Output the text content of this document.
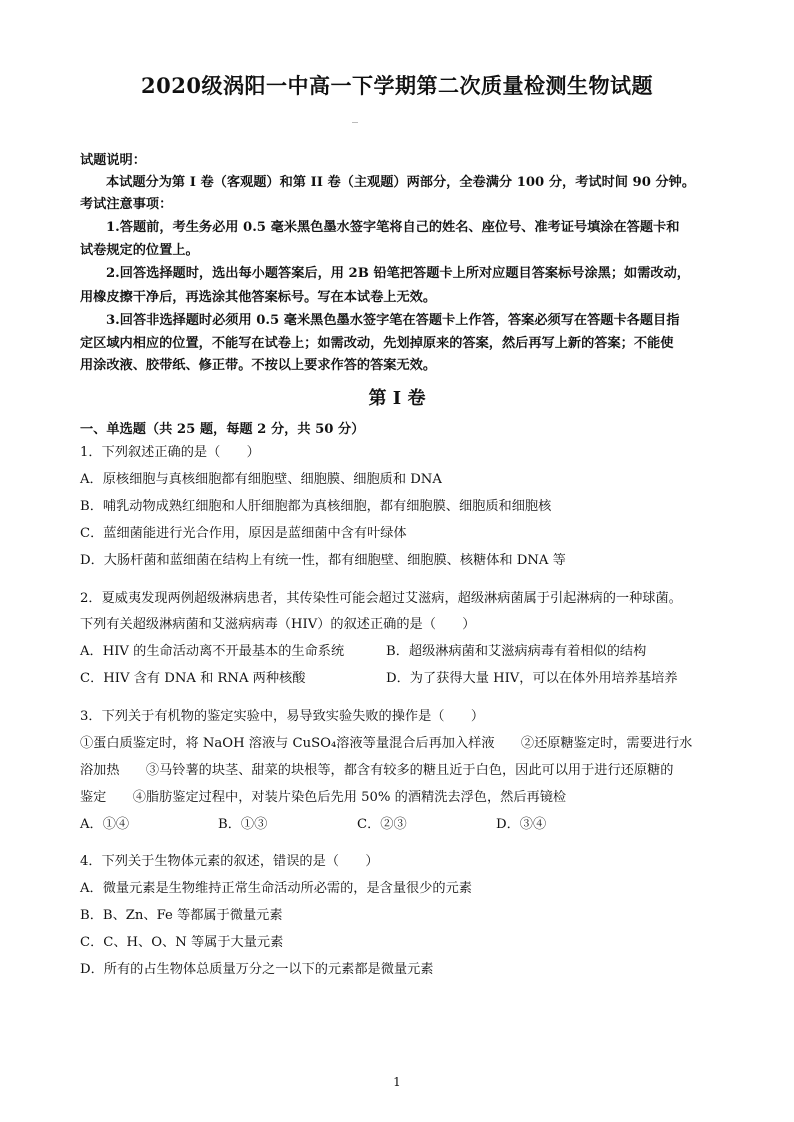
2020级涡阳一中高一下学期第二次质量检测生物试题
试题说明：
本试题分为第 I 卷（客观题）和第 II 卷（主观题）两部分，全卷满分 100 分，考试时间 90 分钟。
考试注意事项：
1.答题前，考生务必用 0.5 毫米黑色墨水签字笔将自己的姓名、座位号、准考证号填涂在答题卡和
试卷规定的位置上。
2.回答选择题时，选出每小题答案后，用 2B 铅笔把答题卡上所对应题目答案标号涂黑；如需改动，
用橡皮擦干净后，再选涂其他答案标号。写在本试卷上无效。
3.回答非选择题时必须用 0.5 毫米黑色墨水签字笔在答题卡上作答，答案必须写在答题卡各题目指
定区域内相应的位置，不能写在试卷上；如需改动，先划掉原来的答案，然后再写上新的答案；不能使
用涂改液、胶带纸、修正带。不按以上要求作答的答案无效。
第 I 卷
一、单选题（共 25 题，每题 2 分，共 50 分）
1．下列叙述正确的是（　　）
A．原核细胞与真核细胞都有细胞壁、细胞膜、细胞质和 DNA
B．哺乳动物成熟红细胞和人肝细胞都为真核细胞，都有细胞膜、细胞质和细胞核
C．蓝细菌能进行光合作用，原因是蓝细菌中含有叶绿体
D．大肠杆菌和蓝细菌在结构上有统一性，都有细胞壁、细胞膜、核糖体和 DNA 等
2．夏威夷发现两例超级淋病患者，其传染性可能会超过艾滋病，超级淋病菌属于引起淋病的一种球菌。
下列有关超级淋病菌和艾滋病病毒（HIV）的叙述正确的是（　　）
A．HIV 的生命活动离不开最基本的生命系统	B．超级淋病菌和艾滋病病毒有着相似的结构
C．HIV 含有 DNA 和 RNA 两种核酸	D．为了获得大量 HIV，可以在体外用培养基培养
3．下列关于有机物的鉴定实验中，易导致实验失败的操作是（　　）
①蛋白质鉴定时，将 NaOH 溶液与 CuSO₄溶液等量混合后再加入样液　　②还原糖鉴定时，需要进行水
浴加热　　③马铃薯的块茎、甜菜的块根等，都含有较多的糖且近于白色，因此可以用于进行还原糖的
鉴定　　④脂肪鉴定过程中，对装片染色后先用 50% 的酒精洗去浮色，然后再镜检
A．①④	B．①③	C．②③	D．③④
4．下列关于生物体元素的叙述，错误的是（　　）
A．微量元素是生物维持正常生命活动所必需的，是含量很少的元素
B．B、Zn、Fe 等都属于微量元素
C．C、H、O、N 等属于大量元素
D．所有的占生物体总质量万分之一以下的元素都是微量元素
1
